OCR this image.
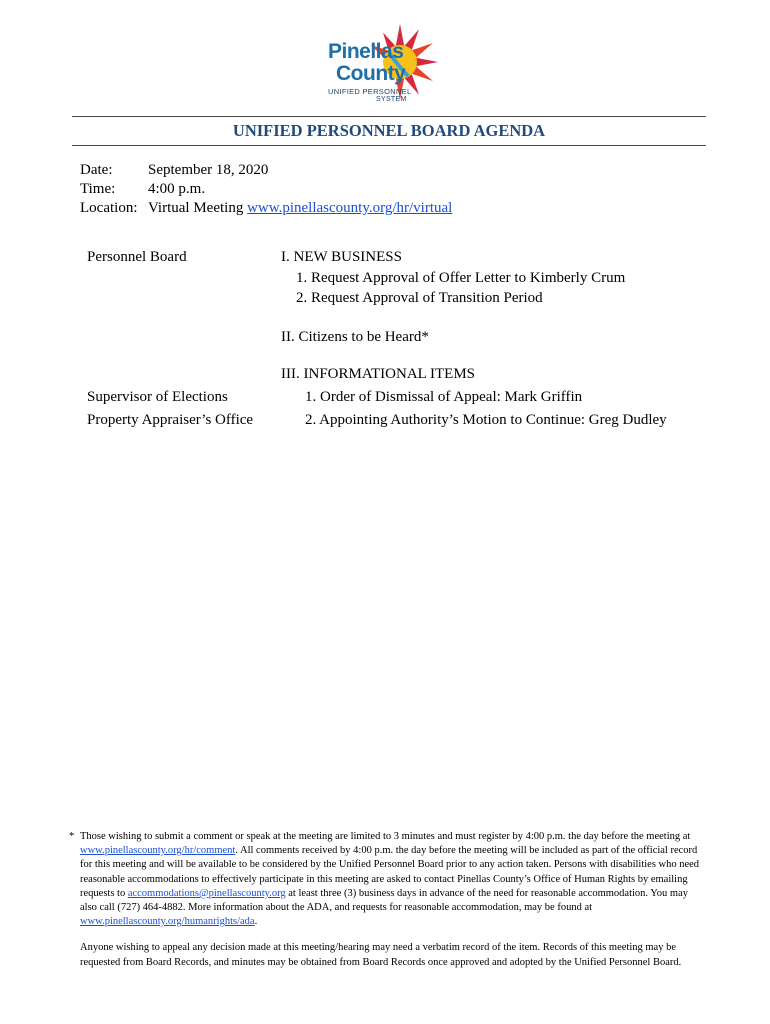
Pinellas
County
UNIFIED PERSONNEL
SYSTEM
UNIFIED PERSONNEL BOARD AGENDA
Date: September 18, 2020
Time: 4:00 p.m.
Location: Virtual Meeting www.pinellascounty.org/hr/virtual
Personnel Board
Supervisor of Elections
Property Appraiser’s Office
I. NEW BUSINESS
1. Request Approval of Offer Letter to Kimberly Crum
2. Request Approval of Transition Period
II. Citizens to be Heard*
III. INFORMATIONAL ITEMS
1. Order of Dismissal of Appeal: Mark Griffin
2. Appointing Authority’s Motion to Continue: Greg Dudley
* Those wishing to submit a comment or speak at the meeting are limited to 3 minutes and must register by 4:00 p.m. the day before the meeting at www.pinellascounty.org/hr/comment. All comments received by 4:00 p.m. the day before the meeting will be included as part of the official record for this meeting and will be available to be considered by the Unified Personnel Board prior to any action taken. Persons with disabilities who need reasonable accommodations to effectively participate in this meeting are asked to contact Pinellas County’s Office of Human Rights by emailing requests to accommodations@pinellascounty.org at least three (3) business days in advance of the need for reasonable accommodation. You may also call (727) 464-4882. More information about the ADA, and requests for reasonable accommodation, may be found at www.pinellascounty.org/humanrights/ada.

Anyone wishing to appeal any decision made at this meeting/hearing may need a verbatim record of the item. Records of this meeting may be requested from Board Records, and minutes may be obtained from Board Records once approved and adopted by the Unified Personnel Board.
